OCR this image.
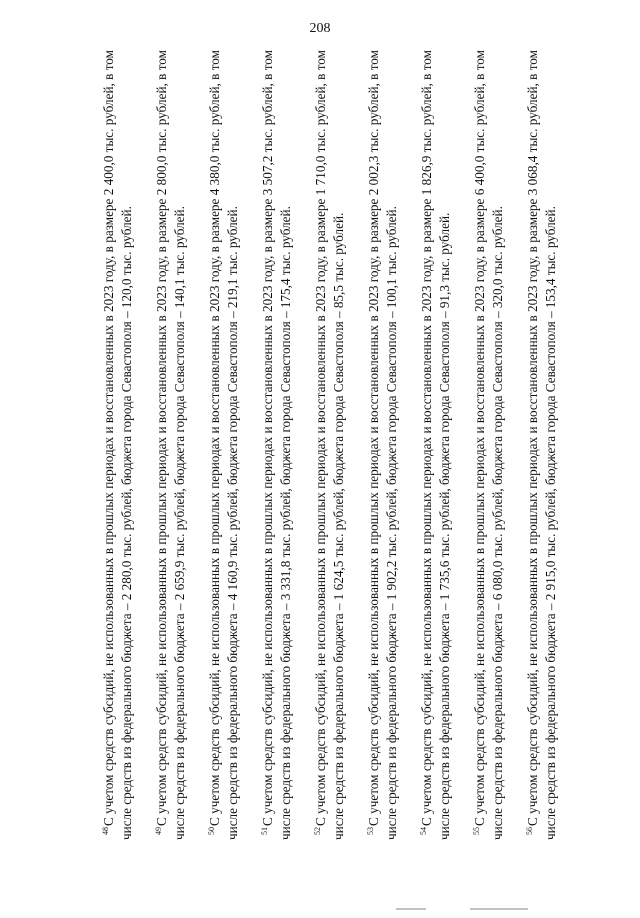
208

$^{48}$С учетом средств субсидий, не использованных в прошлых периодах и восстановленных в 2023 году, в размере 2 400,0 тыс. рублей, в том числе средств из федерального бюджета – 2 280,0 тыс. рублей, бюджета города Севастополя – 120,0 тыс. рублей.	$^{49}$С учетом средств субсидий, не использованных в прошлых периодах и восстановленных в 2023 году, в размере 2 800,0 тыс. рублей, в том числе средств из федерального бюджета – 2 659,9 тыс. рублей, бюджета города Севастополя – 140,1 тыс. рублей.	$^{50}$С учетом средств субсидий, не использованных в прошлых периодах и восстановленных в 2023 году, в размере 4 380,0 тыс. рублей, в том числе средств из федерального бюджета – 4 160,9 тыс. рублей, бюджета города Севастополя – 219,1 тыс. рублей.	$^{51}$С учетом средств субсидий, не использованных в прошлых периодах и восстановленных в 2023 году, в размере 3 507,2 тыс. рублей, в том числе средств из федерального бюджета – 3 331,8 тыс. рублей, бюджета города Севастополя – 175,4 тыс. рублей.	$^{52}$С учетом средств субсидий, не использованных в прошлых периодах и восстановленных в 2023 году, в размере 1 710,0 тыс. рублей, в том числе средств из федерального бюджета – 1 624,5 тыс. рублей, бюджета города Севастополя – 85,5 тыс. рублей.	$^{53}$С учетом средств субсидий, не использованных в прошлых периодах и восстановленных в 2023 году, в размере 2 002,3 тыс. рублей, в том числе средств из федерального бюджета – 1 902,2 тыс. рублей, бюджета города Севастополя – 100,1 тыс. рублей.	$^{54}$С учетом средств субсидий, не использованных в прошлых периодах и восстановленных в 2023 году, в размере 1 826,9 тыс. рублей, в том числе средств из федерального бюджета – 1 735,6 тыс. рублей, бюджета города Севастополя – 91,3 тыс. рублей.	$^{55}$С учетом средств субсидий, не использованных в прошлых периодах и восстановленных в 2023 году, в размере 6 400,0 тыс. рублей, в том числе средств из федерального бюджета – 6 080,0 тыс. рублей, бюджета города Севастополя – 320,0 тыс. рублей.	$^{56}$С учетом средств субсидий, не использованных в прошлых периодах и восстановленных в 2023 году, в размере 3 068,4 тыс. рублей, в том числе средств из федерального бюджета – 2 915,0 тыс. рублей, бюджета города Севастополя – 153,4 тыс. рублей.
